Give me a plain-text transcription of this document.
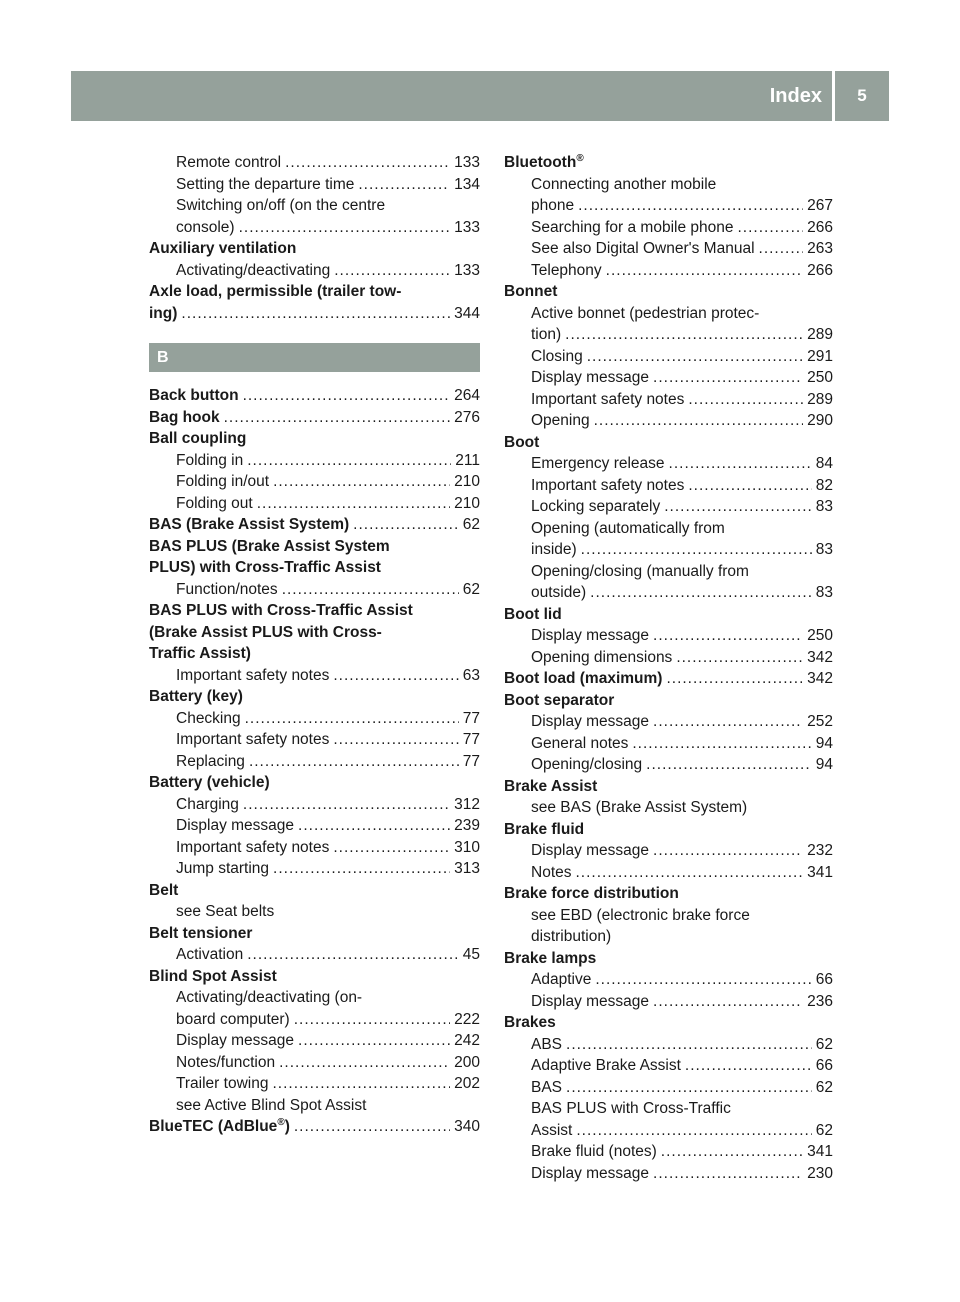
Index	5
Remote control .....	133
Setting the departure time .....	134
Switching on/off (on the centre
console) .....	133
Auxiliary ventilation
Activating/deactivating .....	133
Axle load, permissible (trailer tow-
ing) .....	344
B
Back button .....	264
Bag hook .....	276
Ball coupling
Folding in .....	211
Folding in/out .....	210
Folding out .....	210
BAS (Brake Assist System) .....	62
BAS PLUS (Brake Assist System
PLUS) with Cross-Traffic Assist
Function/notes .....	62
BAS PLUS with Cross-Traffic Assist
(Brake Assist PLUS with Cross-
Traffic Assist)
Important safety notes .....	63
Battery (key)
Checking .....	77
Important safety notes .....	77
Replacing .....	77
Battery (vehicle)
Charging .....	312
Display message .....	239
Important safety notes .....	310
Jump starting .....	313
Belt
see Seat belts
Belt tensioner
Activation .....	45
Blind Spot Assist
Activating/deactivating (on-
board computer) .....	222
Display message .....	242
Notes/function .....	200
Trailer towing .....	202
see Active Blind Spot Assist
BlueTEC (AdBlue®) .....	340
Bluetooth®
Connecting another mobile
phone .....	267
Searching for a mobile phone .....	266
See also Digital Owner's Manual .....	263
Telephony .....	266
Bonnet
Active bonnet (pedestrian protec-
tion) .....	289
Closing .....	291
Display message .....	250
Important safety notes .....	289
Opening .....	290
Boot
Emergency release .....	84
Important safety notes .....	82
Locking separately .....	83
Opening (automatically from
inside) .....	83
Opening/closing (manually from
outside) .....	83
Boot lid
Display message .....	250
Opening dimensions .....	342
Boot load (maximum) .....	342
Boot separator
Display message .....	252
General notes .....	94
Opening/closing .....	94
Brake Assist
see BAS (Brake Assist System)
Brake fluid
Display message .....	232
Notes .....	341
Brake force distribution
see EBD (electronic brake force
distribution)
Brake lamps
Adaptive .....	66
Display message .....	236
Brakes
ABS .....	62
Adaptive Brake Assist .....	66
BAS .....	62
BAS PLUS with Cross-Traffic
Assist .....	62
Brake fluid (notes) .....	341
Display message .....	230
